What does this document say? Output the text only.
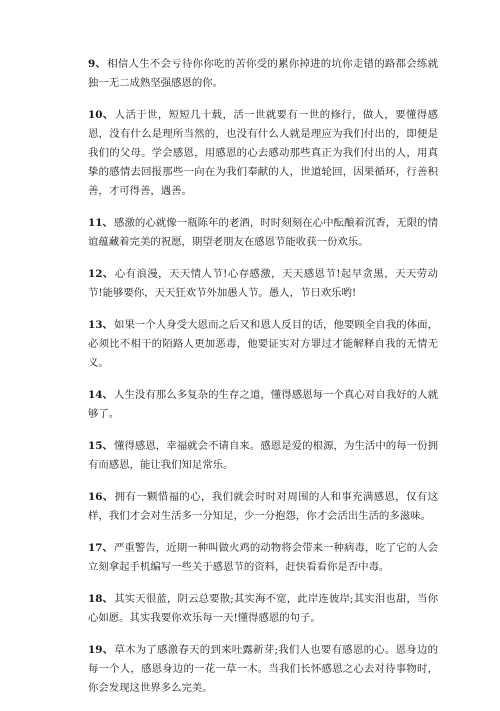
9、相信人生不会亏待你你吃的苦你受的累你掉进的坑你走错的路都会练就独一无二成熟坚强感恩的你。

10、人活于世，短短几十载，活一世就要有一世的修行，做人，要懂得感恩，没有什么是理所当然的，也没有什么人就是理应为我们付出的，即便是我们的父母。学会感恩，用感恩的心去感动那些真正为我们付出的人，用真挚的感情去回报那些一向在为我们奉献的人，世道轮回，因果循环，行善积善，才可得善，遇善。

11、感激的心就像一瓶陈年的老酒，时时刻刻在心中酝酿着沉香，无限的情谊蕴藏着完美的祝愿，期望老朋友在感恩节能收获一份欢乐。

12、心有浪漫，天天情人节!心存感激，天天感恩节!起早贪黑，天天劳动节!能够要你，天天狂欢节外加愚人节。愚人，节日欢乐哟!

13、如果一个人身受大恩而之后又和恩人反目的话，他要顾全自我的体面，必须比不相干的陌路人更加恶毒，他要证实对方罪过才能解释自我的无情无义。

14、人生没有那么多复杂的生存之道，懂得感恩每一个真心对自我好的人就够了。

15、懂得感恩，幸福就会不请自来。感恩是爱的根源，为生活中的每一份拥有而感恩，能让我们知足常乐。

16、拥有一颗惜福的心，我们就会时时对周围的人和事充满感恩，仅有这样，我们才会对生活多一分知足，少一分抱怨，你才会活出生活的多滋味。

17、严重警告，近期一种叫做火鸡的动物将会带来一种病毒，吃了它的人会立刻拿起手机编写一些关于感恩节的资料，赶快看看你是否中毒。

18、其实天很蓝，阴云总要散;其实海不宽，此岸连彼岸;其实泪也甜，当你心如愿。其实我要你欢乐每一天!懂得感恩的句子。

19、草木为了感激春天的到来吐露新芽;我们人也要有感恩的心。恩身边的每一个人，感恩身边的一花一草一木。当我们长怀感恩之心去对待事物时，你会发现这世界多么完美。
